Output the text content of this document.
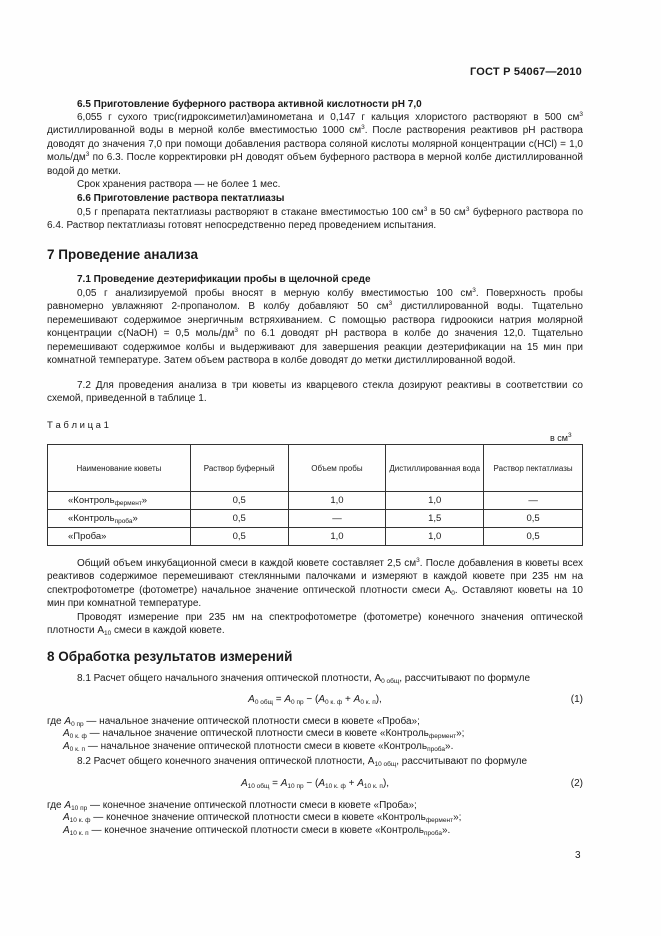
ГОСТ Р 54067—2010
6.5 Приготовление буферного раствора активной кислотности pH 7,0
6,055 г сухого трис(гидроксиметил)аминометана и 0,147 г кальция хлористого растворяют в 500 $см^3$ дистиллированной воды в мерной колбе вместимостью 1000 $см^3$. После растворения реактивов pH раствора доводят до значения 7,0 при помощи добавления раствора соляной кислоты молярной концентрации c(HCl) = 1,0 моль/$дм^3$ по 6.3. После корректировки pH доводят объем буферного раствора в мерной колбе дистиллированной водой до метки.
Срок хранения раствора — не более 1 мес.
6.6 Приготовление раствора пектатлиазы
0,5 г препарата пектатлиазы растворяют в стакане вместимостью 100 $см^3$ в 50 $см^3$ буферного раствора по 6.4. Раствор пектатлиазы готовят непосредственно перед проведением испытания.
7 Проведение анализа
7.1 Проведение деэтерификации пробы в щелочной среде
0,05 г анализируемой пробы вносят в мерную колбу вместимостью 100 $см^3$. Поверхность пробы равномерно увлажняют 2-пропанолом. В колбу добавляют 50 $см^3$ дистиллированной воды. Тщательно перемешивают содержимое энергичным встряхиванием. С помощью раствора гидроокиси натрия молярной концентрации c(NaOH) = 0,5 моль/$дм^3$ по 6.1 доводят pH раствора в колбе до значения 12,0. Тщательно перемешивают содержимое колбы и выдерживают для завершения реакции деэтерификации на 15 мин при комнатной температуре. Затем объем раствора в колбе доводят до метки дистиллированной водой.
7.2 Для проведения анализа в три кюветы из кварцевого стекла дозируют реактивы в соответствии со схемой, приведенной в таблице 1.
Т а б л и ц а 1
в $см^3$
Наименование кюветы	Раствор буферный	Объем пробы	Дистиллированная вода	Раствор пектатлиазы
«Контроль$_{фермент}$»	0,5	1,0	1,0	—
«Контроль$_{проба}$»	0,5	—	1,5	0,5
«Проба»	0,5	1,0	1,0	0,5
Общий объем инкубационной смеси в каждой кювете составляет 2,5 $см^3$. После добавления в кюветы всех реактивов содержимое перемешивают стеклянными палочками и измеряют в каждой кювете при 235 нм на спектрофотометре (фотометре) начальное значение оптической плотности смеси $A_0$. Оставляют кюветы на 10 мин при комнатной температуре.
Проводят измерение при 235 нм на спектрофотометре (фотометре) конечного значения оптической плотности $A_{10}$ смеси в каждой кювете.
8 Обработка результатов измерений
8.1 Расчет общего начального значения оптической плотности, $A_{0 общ}$, рассчитывают по формуле
$A_{0 общ} = A_{0 пр} - (A_{0 к. ф} + A_{0 к. п})$,	(1)
где $A_{0 пр}$ — начальное значение оптической плотности смеси в кювете «Проба»;
$A_{0 к. ф}$ — начальное значение оптической плотности смеси в кювете «Контроль$_{фермент}$»;
$A_{0 к. п}$ — начальное значение оптической плотности смеси в кювете «Контроль$_{проба}$».
8.2 Расчет общего конечного значения оптической плотности, $A_{10 общ}$, рассчитывают по формуле
$A_{10 общ} = A_{10 пр} - (A_{10 к. ф} + A_{10 к. п})$,	(2)
где $A_{10 пр}$ — конечное значение оптической плотности смеси в кювете «Проба»;
$A_{10 к. ф}$ — конечное значение оптической плотности смеси в кювете «Контроль$_{фермент}$»;
$A_{10 к. п}$ — конечное значение оптической плотности смеси в кювете «Контроль$_{проба}$».
3
